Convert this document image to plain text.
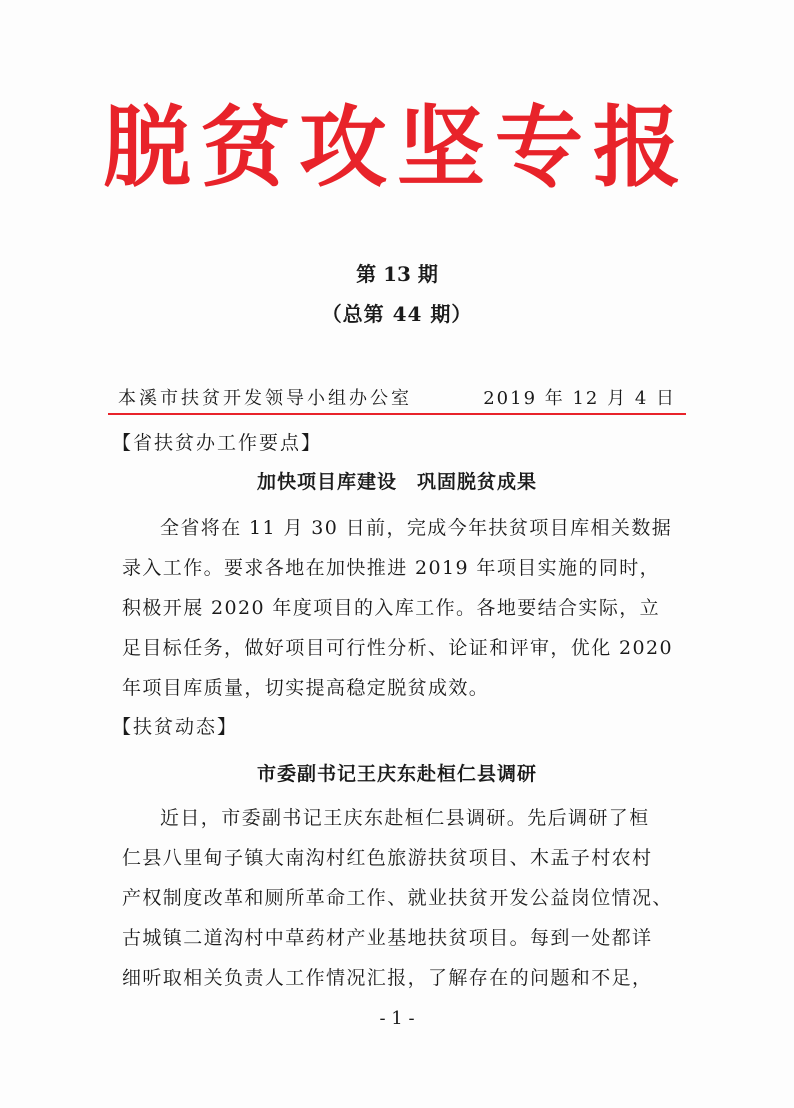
脱贫攻坚专报
第 13 期
（总第 44 期）
本溪市扶贫开发领导小组办公室	2019 年 12 月 4 日
【省扶贫办工作要点】
加快项目库建设　巩固脱贫成果
全省将在 11 月 30 日前，完成今年扶贫项目库相关数据
录入工作。要求各地在加快推进 2019 年项目实施的同时，
积极开展 2020 年度项目的入库工作。各地要结合实际，立
足目标任务，做好项目可行性分析、论证和评审，优化 2020
年项目库质量，切实提高稳定脱贫成效。
【扶贫动态】
市委副书记王庆东赴桓仁县调研
近日，市委副书记王庆东赴桓仁县调研。先后调研了桓
仁县八里甸子镇大南沟村红色旅游扶贫项目、木盂子村农村
产权制度改革和厕所革命工作、就业扶贫开发公益岗位情况、
古城镇二道沟村中草药材产业基地扶贫项目。每到一处都详
细听取相关负责人工作情况汇报，了解存在的问题和不足，
- 1 -
